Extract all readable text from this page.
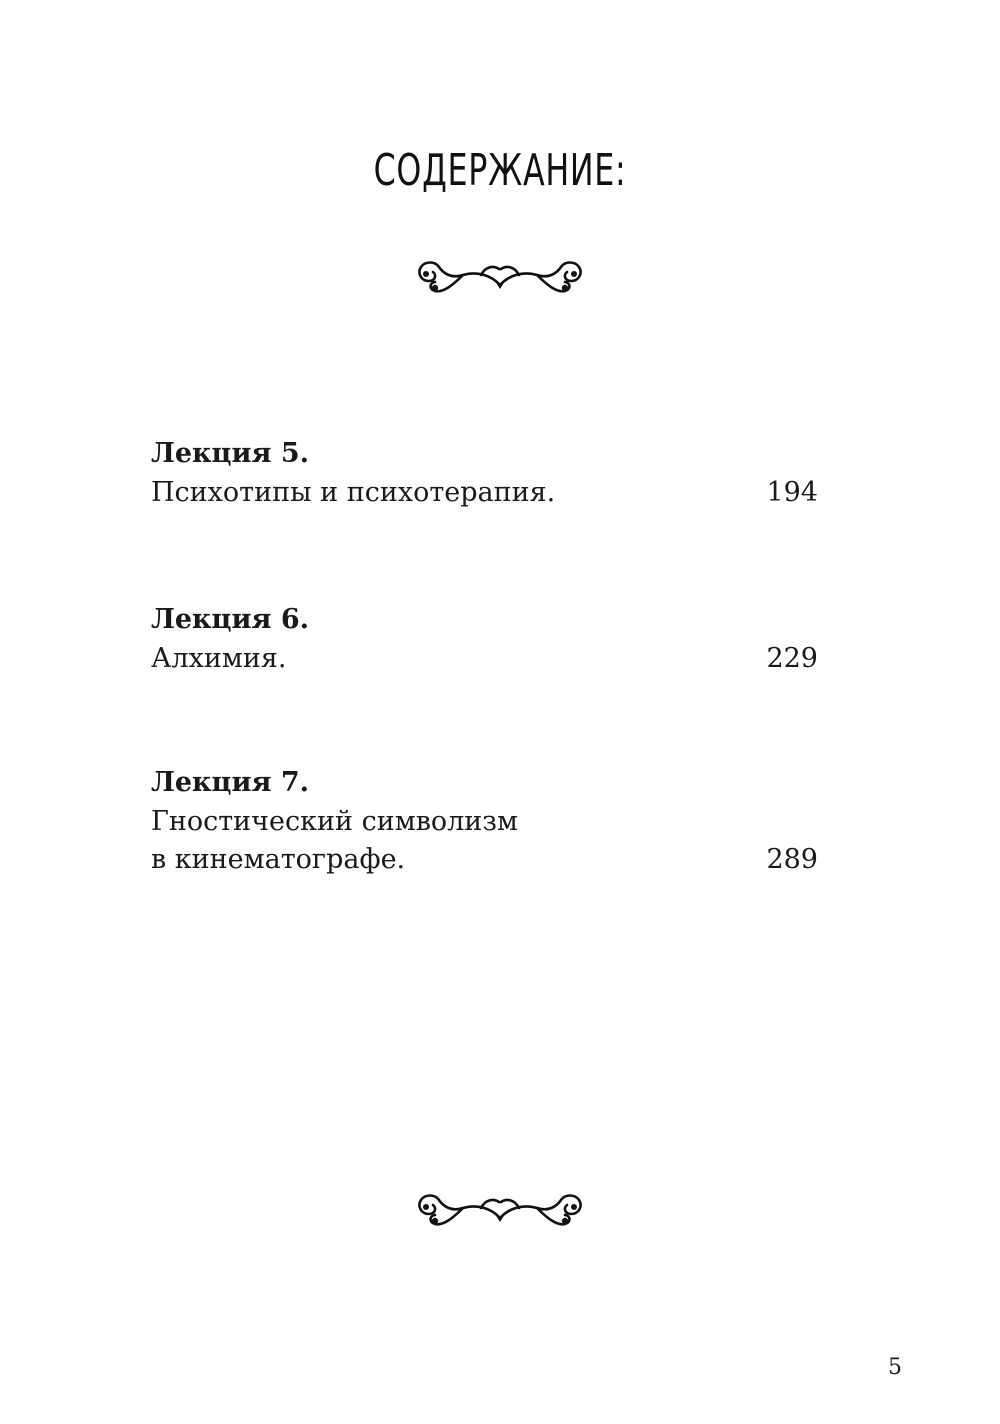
СОДЕРЖАНИЕ:
Лекция 5.
Психотипы и психотерапия.	194
Лекция 6.
Алхимия.	229
Лекция 7.
Гностический символизм
в кинематографе.	289
5
